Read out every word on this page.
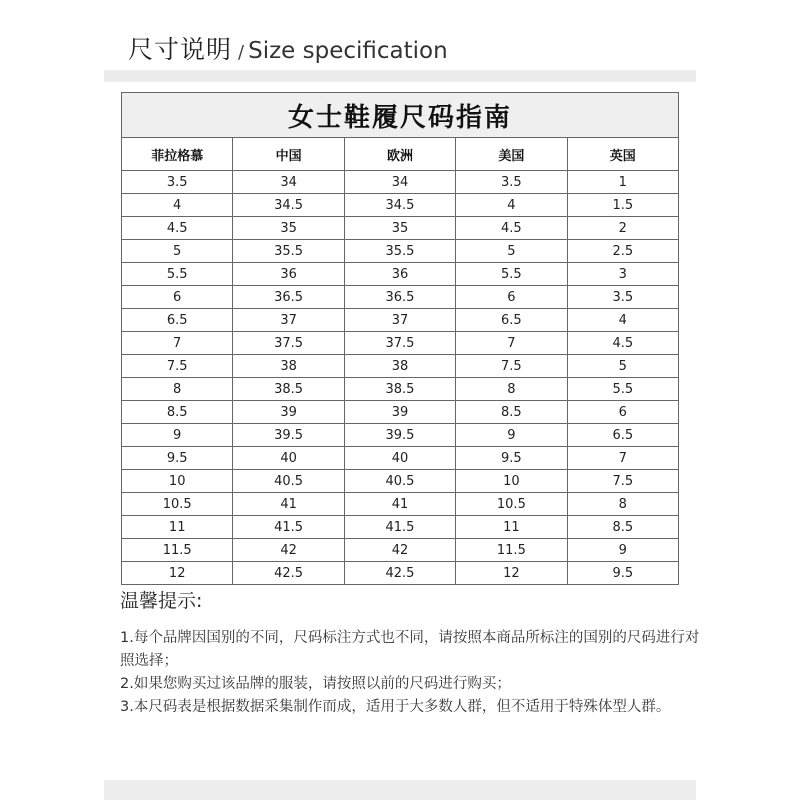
尺寸说明 / Size specification
女士鞋履尺码指南				
菲拉格慕	中国	欧洲	美国	英国
3.5	34	34	3.5	1
4	34.5	34.5	4	1.5
4.5	35	35	4.5	2
5	35.5	35.5	5	2.5
5.5	36	36	5.5	3
6	36.5	36.5	6	3.5
6.5	37	37	6.5	4
7	37.5	37.5	7	4.5
7.5	38	38	7.5	5
8	38.5	38.5	8	5.5
8.5	39	39	8.5	6
9	39.5	39.5	9	6.5
9.5	40	40	9.5	7
10	40.5	40.5	10	7.5
10.5	41	41	10.5	8
11	41.5	41.5	11	8.5
11.5	42	42	11.5	9
12	42.5	42.5	12	9.5
温馨提示:

1.每个品牌因国别的不同，尺码标注方式也不同，请按照本商品所标注的国别的尺码进行对照选择；

2.如果您购买过该品牌的服装，请按照以前的尺码进行购买；

3.本尺码表是根据数据采集制作而成，适用于大多数人群，但不适用于特殊体型人群。
